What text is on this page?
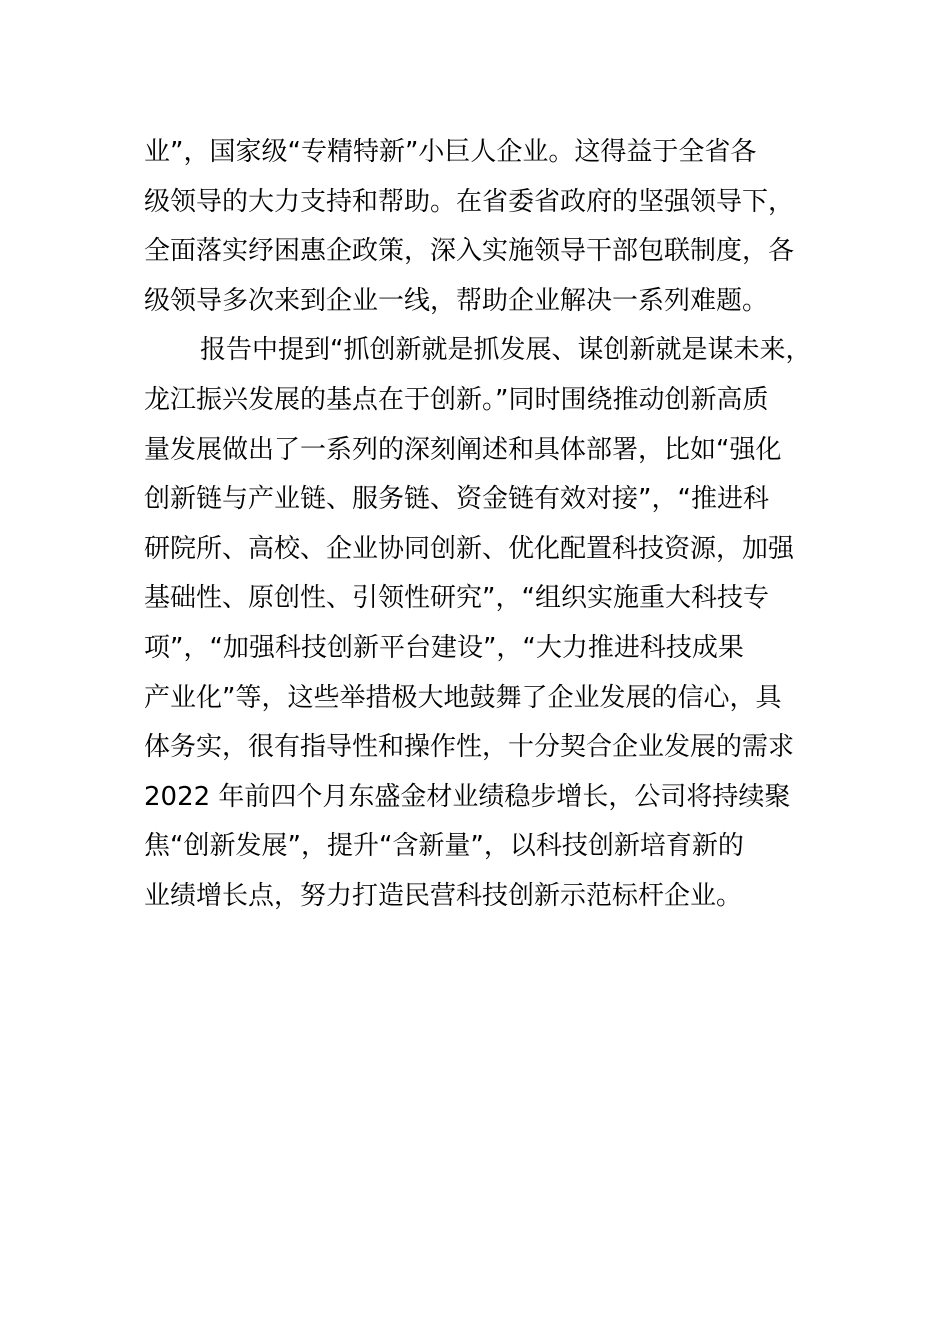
业”，国家级“专精特新”小巨人企业。这得益于全省各
级领导的大力支持和帮助。在省委省政府的坚强领导下，
全面落实纾困惠企政策，深入实施领导干部包联制度，各
级领导多次来到企业一线，帮助企业解决一系列难题。
报告中提到“抓创新就是抓发展、谋创新就是谋未来，
龙江振兴发展的基点在于创新。”同时围绕推动创新高质
量发展做出了一系列的深刻阐述和具体部署，比如“强化
创新链与产业链、服务链、资金链有效对接”，“推进科
研院所、高校、企业协同创新、优化配置科技资源，加强
基础性、原创性、引领性研究”，“组织实施重大科技专
项”，“加强科技创新平台建设”，“大力推进科技成果
产业化”等，这些举措极大地鼓舞了企业发展的信心，具
体务实，很有指导性和操作性，十分契合企业发展的需求
2022 年前四个月东盛金材业绩稳步增长，公司将持续聚
焦“创新发展”，提升“含新量”，以科技创新培育新的
业绩增长点，努力打造民营科技创新示范标杆企业。
